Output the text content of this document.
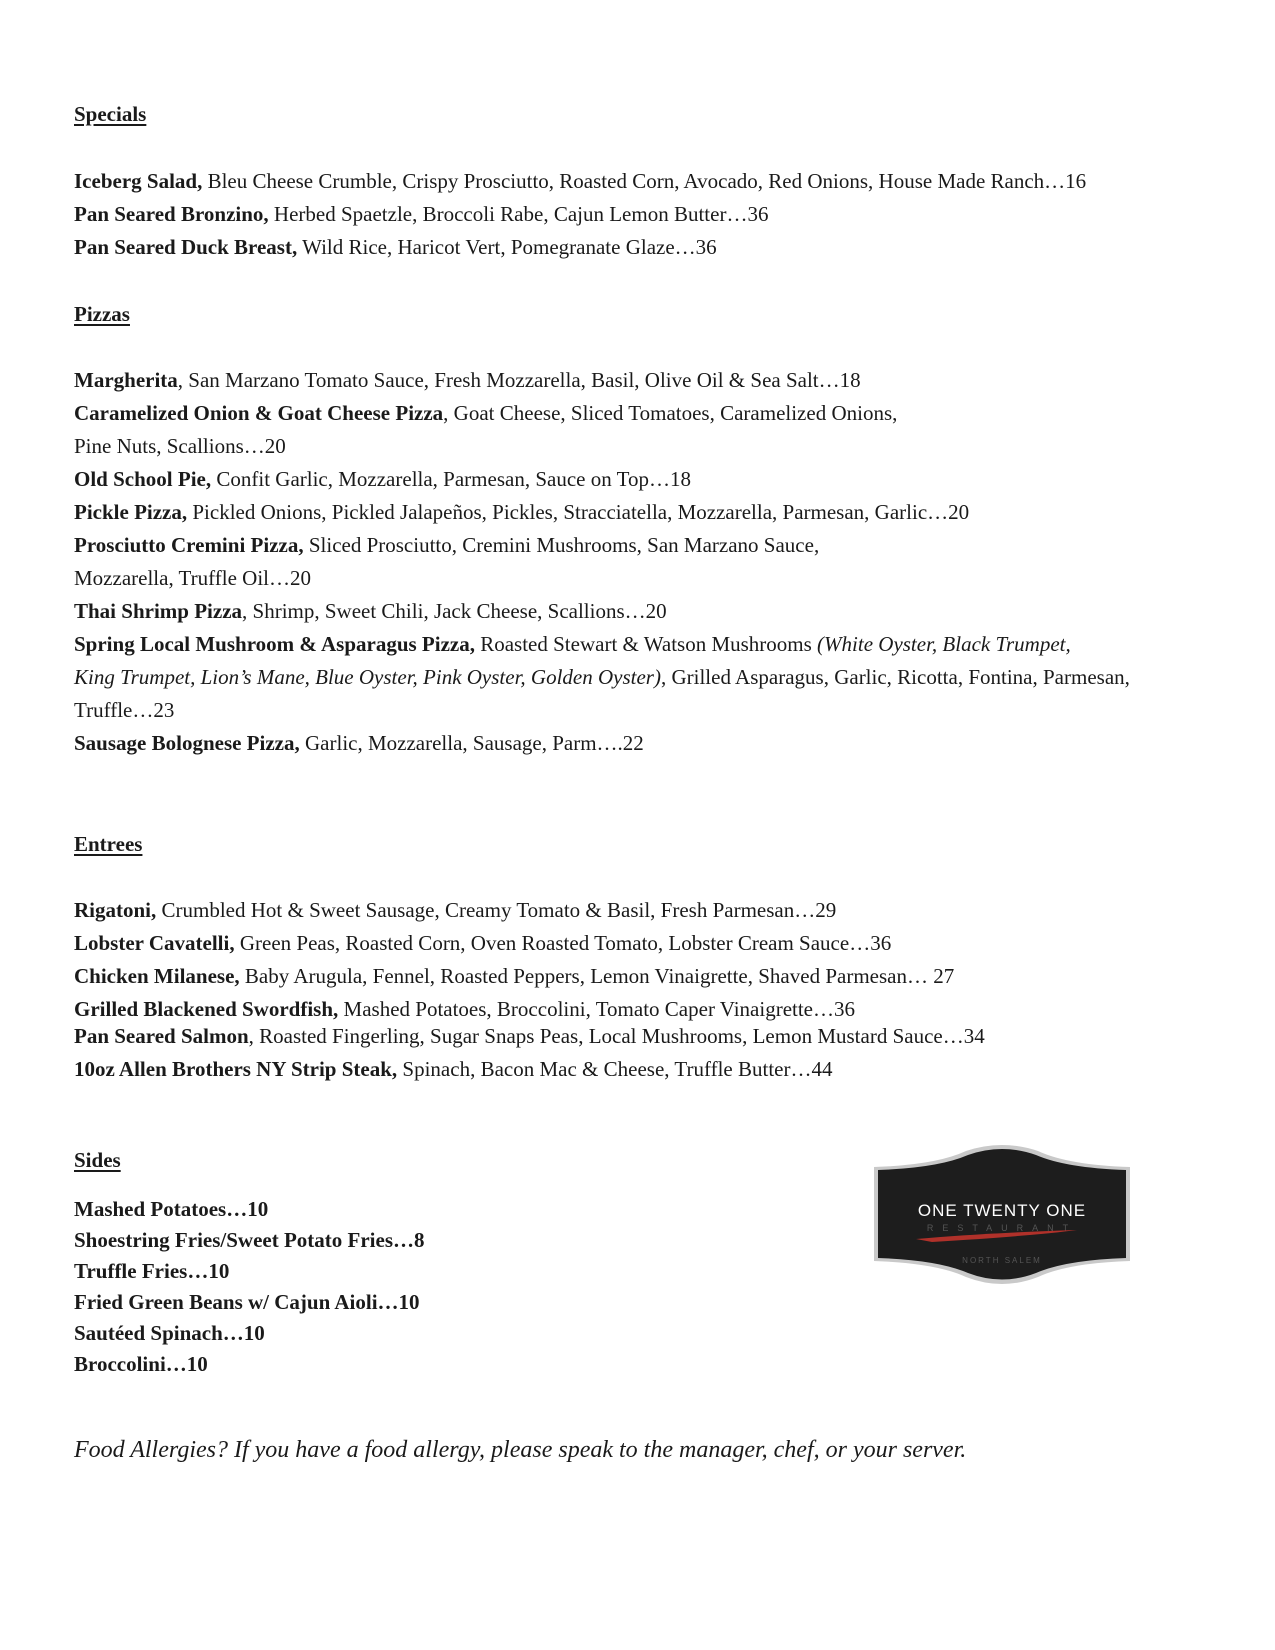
Specials
Iceberg Salad, Bleu Cheese Crumble, Crispy Prosciutto, Roasted Corn, Avocado, Red Onions, House Made Ranch…16
Pan Seared Bronzino, Herbed Spaetzle, Broccoli Rabe, Cajun Lemon Butter…36
Pan Seared Duck Breast, Wild Rice, Haricot Vert, Pomegranate Glaze…36
Pizzas
Margherita, San Marzano Tomato Sauce, Fresh Mozzarella, Basil, Olive Oil & Sea Salt…18
Caramelized Onion & Goat Cheese Pizza, Goat Cheese, Sliced Tomatoes, Caramelized Onions,
Pine Nuts, Scallions…20
Old School Pie, Confit Garlic, Mozzarella, Parmesan, Sauce on Top…18
Pickle Pizza, Pickled Onions, Pickled Jalapeños, Pickles, Stracciatella, Mozzarella, Parmesan, Garlic…20
Prosciutto Cremini Pizza, Sliced Prosciutto, Cremini Mushrooms, San Marzano Sauce,
Mozzarella, Truffle Oil…20
Thai Shrimp Pizza, Shrimp, Sweet Chili, Jack Cheese, Scallions…20
Spring Local Mushroom & Asparagus Pizza, Roasted Stewart & Watson Mushrooms (White Oyster, Black Trumpet,
King Trumpet, Lion’s Mane, Blue Oyster, Pink Oyster, Golden Oyster), Grilled Asparagus, Garlic, Ricotta, Fontina, Parmesan,
Truffle…23
Sausage Bolognese Pizza, Garlic, Mozzarella, Sausage, Parm….22
Entrees
Rigatoni, Crumbled Hot & Sweet Sausage, Creamy Tomato & Basil, Fresh Parmesan…29
Lobster Cavatelli, Green Peas, Roasted Corn, Oven Roasted Tomato, Lobster Cream Sauce…36
Chicken Milanese, Baby Arugula, Fennel, Roasted Peppers, Lemon Vinaigrette, Shaved Parmesan… 27
Grilled Blackened Swordfish, Mashed Potatoes, Broccolini, Tomato Caper Vinaigrette…36
Pan Seared Salmon, Roasted Fingerling, Sugar Snaps Peas, Local Mushrooms, Lemon Mustard Sauce…34
10oz Allen Brothers NY Strip Steak, Spinach, Bacon Mac & Cheese, Truffle Butter…44
Sides
Mashed Potatoes…10
Shoestring Fries/Sweet Potato Fries…8
Truffle Fries…10
Fried Green Beans w/ Cajun Aioli…10
Sautéed Spinach…10
Broccolini…10
Food Allergies? If you have a food allergy, please speak to the manager, chef, or your server.
ONE TWENTY ONE
RESTAURANT
NORTH SALEM
